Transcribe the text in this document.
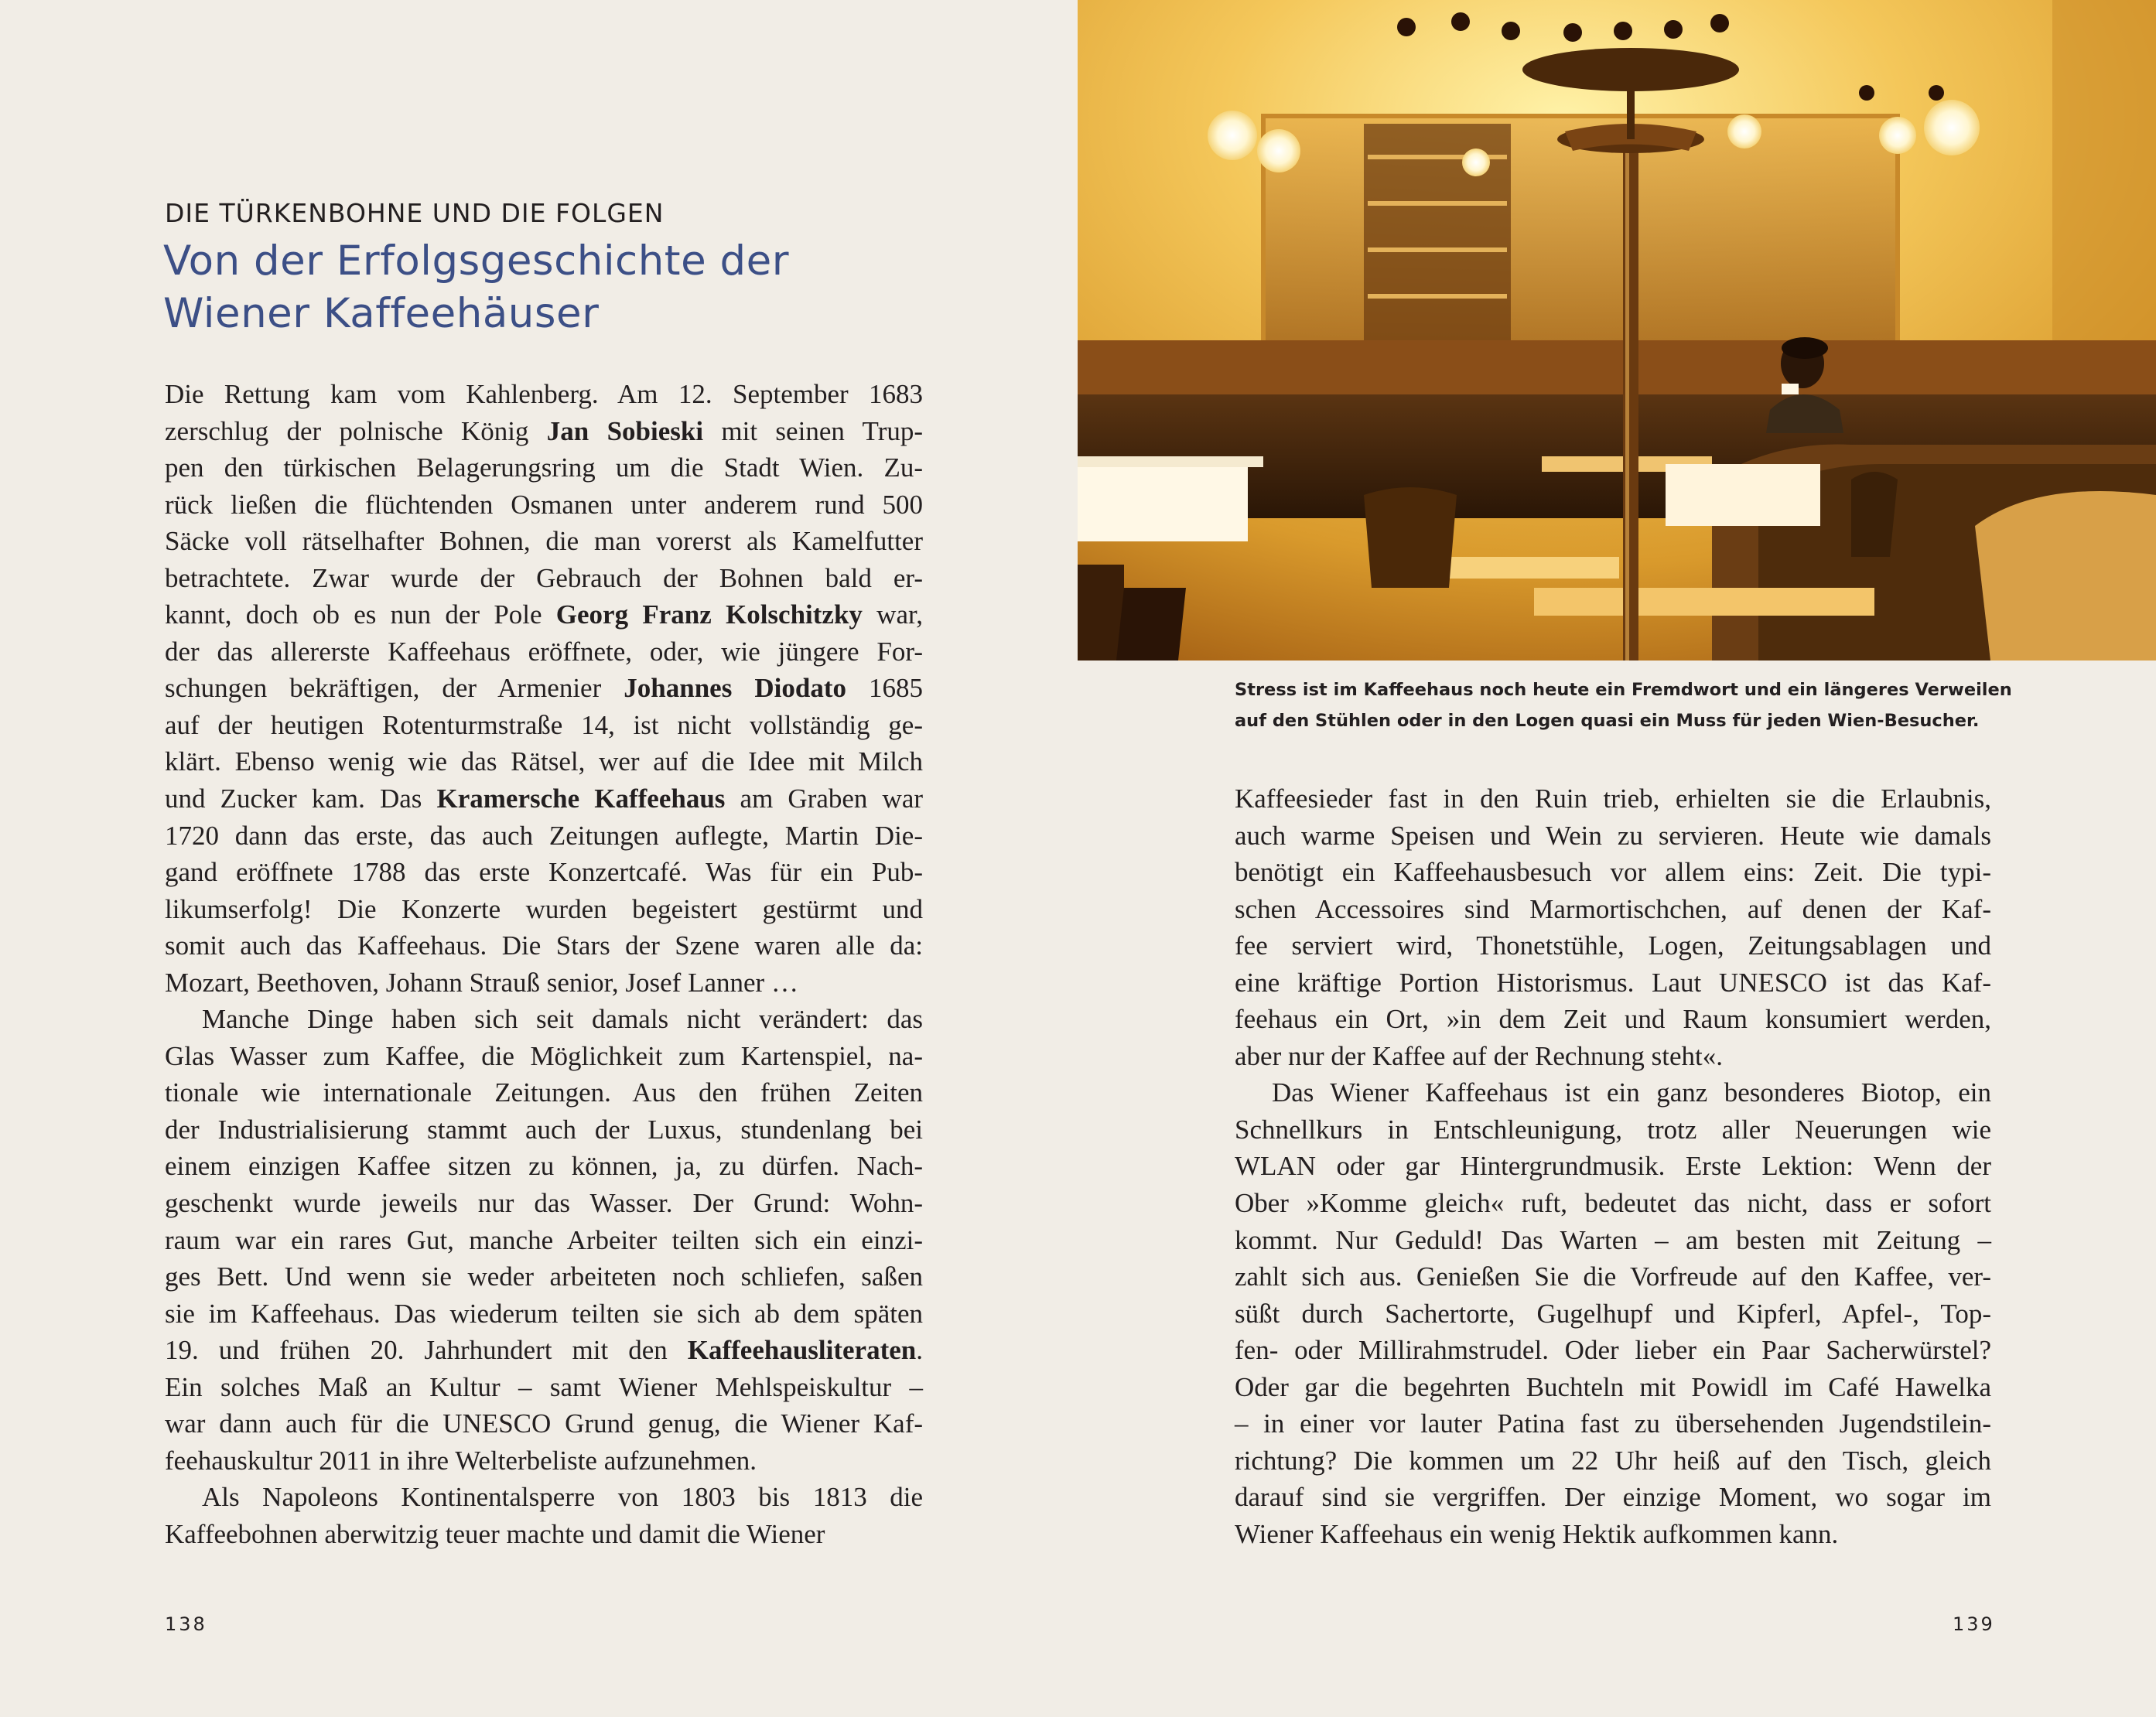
DIE TÜRKENBOHNE UND DIE FOLGEN
Von der Erfolgsgeschichte der
Wiener Kaffeehäuser
Die Rettung kam vom Kahlenberg. Am 12. September 1683
zerschlug der polnische König Jan Sobieski mit seinen Trup-
pen den türkischen Belagerungsring um die Stadt Wien. Zu-
rück ließen die flüchtenden Osmanen unter anderem rund 500
Säcke voll rätselhafter Bohnen, die man vorerst als Kamelfutter
betrachtete. Zwar wurde der Gebrauch der Bohnen bald er-
kannt, doch ob es nun der Pole Georg Franz Kolschitzky war,
der das allererste Kaffeehaus eröffnete, oder, wie jüngere For-
schungen bekräftigen, der Armenier Johannes Diodato 1685
auf der heutigen Rotenturmstraße 14, ist nicht vollständig ge-
klärt. Ebenso wenig wie das Rätsel, wer auf die Idee mit Milch
und Zucker kam. Das Kramersche Kaffeehaus am Graben war
1720 dann das erste, das auch Zeitungen auflegte, Martin Die-
gand eröffnete 1788 das erste Konzertcafé. Was für ein Pub-
likumserfolg! Die Konzerte wurden begeistert gestürmt und
somit auch das Kaffeehaus. Die Stars der Szene waren alle da:
Mozart, Beethoven, Johann Strauß senior, Josef Lanner …
Manche Dinge haben sich seit damals nicht verändert: das
Glas Wasser zum Kaffee, die Möglichkeit zum Kartenspiel, na-
tionale wie internationale Zeitungen. Aus den frühen Zeiten
der Industrialisierung stammt auch der Luxus, stundenlang bei
einem einzigen Kaffee sitzen zu können, ja, zu dürfen. Nach-
geschenkt wurde jeweils nur das Wasser. Der Grund: Wohn-
raum war ein rares Gut, manche Arbeiter teilten sich ein einzi-
ges Bett. Und wenn sie weder arbeiteten noch schliefen, saßen
sie im Kaffeehaus. Das wiederum teilten sie sich ab dem späten
19. und frühen 20. Jahrhundert mit den Kaffeehausliteraten.
Ein solches Maß an Kultur – samt Wiener Mehlspeiskultur –
war dann auch für die UNESCO Grund genug, die Wiener Kaf-
feehauskultur 2011 in ihre Welterbeliste aufzunehmen.
Als Napoleons Kontinentalsperre von 1803 bis 1813 die
Kaffeebohnen aberwitzig teuer machte und damit die Wiener
138
Stress ist im Kaffeehaus noch heute ein Fremdwort und ein längeres Verweilen
auf den Stühlen oder in den Logen quasi ein Muss für jeden Wien-Besucher.
Kaffeesieder fast in den Ruin trieb, erhielten sie die Erlaubnis,
auch warme Speisen und Wein zu servieren. Heute wie damals
benötigt ein Kaffeehausbesuch vor allem eins: Zeit. Die typi-
schen Accessoires sind Marmortischchen, auf denen der Kaf-
fee serviert wird, Thonetstühle, Logen, Zeitungsablagen und
eine kräftige Portion Historismus. Laut UNESCO ist das Kaf-
feehaus ein Ort, »in dem Zeit und Raum konsumiert werden,
aber nur der Kaffee auf der Rechnung steht«.
Das Wiener Kaffeehaus ist ein ganz besonderes Biotop, ein
Schnellkurs in Entschleunigung, trotz aller Neuerungen wie
WLAN oder gar Hintergrundmusik. Erste Lektion: Wenn der
Ober »Komme gleich« ruft, bedeutet das nicht, dass er sofort
kommt. Nur Geduld! Das Warten – am besten mit Zeitung –
zahlt sich aus. Genießen Sie die Vorfreude auf den Kaffee, ver-
süßt durch Sachertorte, Gugelhupf und Kipferl, Apfel-, Top-
fen- oder Millirahmstrudel. Oder lieber ein Paar Sacherwürstel?
Oder gar die begehrten Buchteln mit Powidl im Café Hawelka
– in einer vor lauter Patina fast zu übersehenden Jugendstilein-
richtung? Die kommen um 22 Uhr heiß auf den Tisch, gleich
darauf sind sie vergriffen. Der einzige Moment, wo sogar im
Wiener Kaffeehaus ein wenig Hektik aufkommen kann.
139
